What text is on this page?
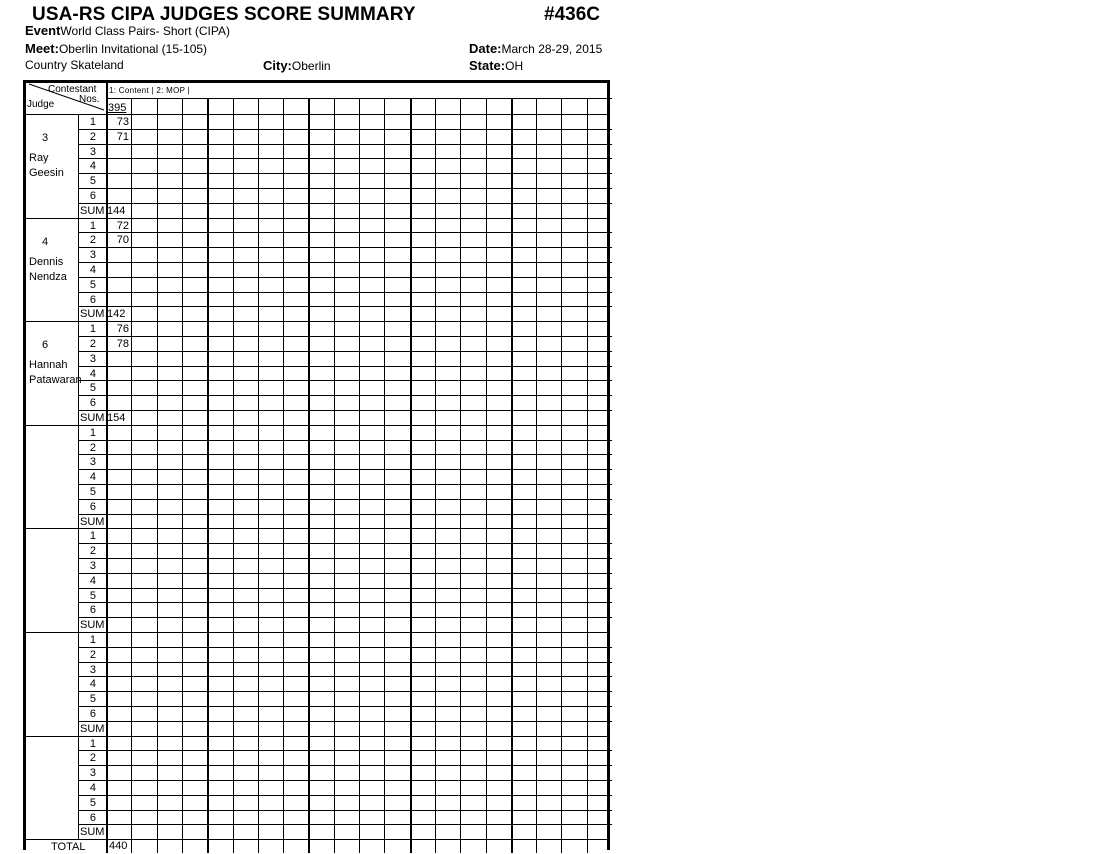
USA-RS CIPA JUDGES SCORE SUMMARY	#436C
EventWorld Class Pairs- Short (CIPA)
Meet:Oberlin Invitational (15-105)	Date:March 28-29, 2015
Country Skateland	City:Oberlin	State:OH
Contestant
Nos.
Judge
1: Content | 2: MOP |
395
3
Ray
Geesin
1	73
2	71
3
4
5
6
SUM 144
4
Dennis
Nendza
1	72
2	70
3
4
5
6
SUM 142
6
Hannah
Patawaran
1	76
2	78
3
4
5
6
SUM 154
1
2
3
4
5
6
SUM
1
2
3
4
5
6
SUM
1
2
3
4
5
6
SUM
1
2
3
4
5
6
SUM
TOTAL 440
